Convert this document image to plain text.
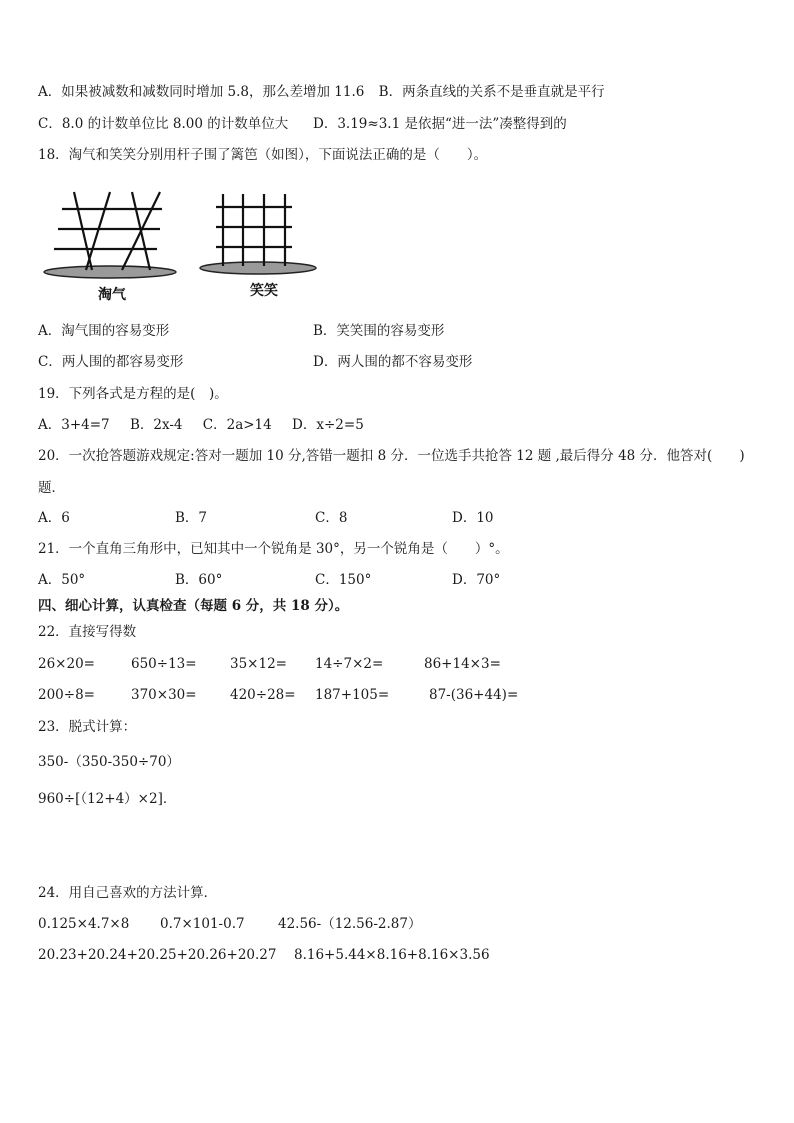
A．如果被减数和减数同时增加 5.8，那么差增加 11.6 B．两条直线的关系不是垂直就是平行
C．8.0 的计数单位比 8.00 的计数单位大 D．3.19≈3.1 是依据“进一法”凑整得到的
18．淘气和笑笑分别用杆子围了篱笆（如图），下面说法正确的是（　　）。
淘气	笑笑
A．淘气围的容易变形	B．笑笑围的容易变形
C．两人围的都容易变形	D．两人围的都不容易变形
19．下列各式是方程的是(　)。
A．3+4=7 B．2x-4 C．2a>14 D．x÷2=5
20．一次抢答题游戏规定:答对一题加 10 分,答错一题扣 8 分．一位选手共抢答 12 题 ,最后得分 48 分．他答对(　　)
题．
A．6	B．7	C．8	D．10
21．一个直角三角形中，已知其中一个锐角是 30°，另一个锐角是（　　）°。
A．50°	B．60°	C．150°	D．70°
四、细心计算，认真检查（每题 6 分，共 18 分）。
22．直接写得数
26×20=	650÷13= 35×12= 14÷7×2=	86+14×3=
200÷8=	370×30= 420÷28= 187+105=	87-(36+44)=
23．脱式计算：
350-（350-350÷70）
960÷[（12+4）×2]．
24．用自己喜欢的方法计算．
0.125×4.7×8 0.7×101-0.7 42.56-（12.56-2.87）
20.23+20.24+20.25+20.26+20.27 8.16+5.44×8.16+8.16×3.56
